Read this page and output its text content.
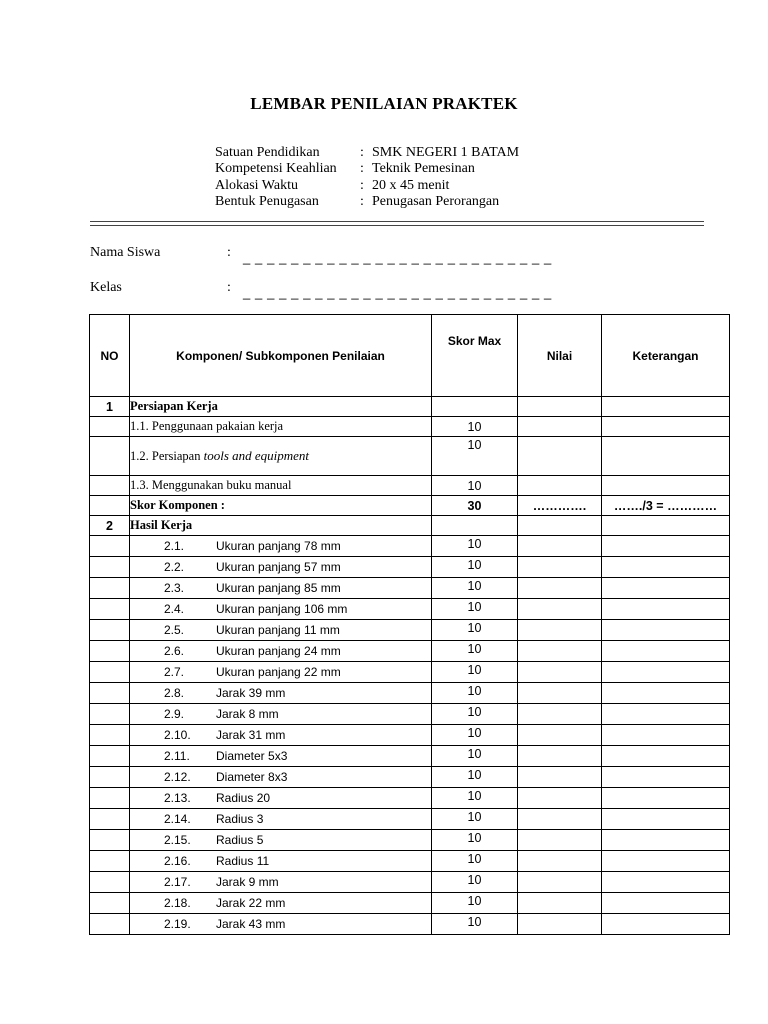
LEMBAR PENILAIAN PRAKTEK
Satuan Pendidikan	: SMK NEGERI 1 BATAM
Kompetensi Keahlian	: Teknik Pemesinan
Alokasi Waktu	: 20 x 45 menit
Bentuk Penugasan	: Penugasan Perorangan
Nama Siswa	: _ _ _ _ _ _ _ _ _ _ _ _ _ _ _ _ _ _ _ _ _ _ _ _ _ _
Kelas	: _ _ _ _ _ _ _ _ _ _ _ _ _ _ _ _ _ _ _ _ _ _ _ _ _ _
NO	Komponen/ Subkomponen Penilaian	Skor Max	Nilai	Keterangan
1	Persiapan Kerja			
	1.1. Penggunaan pakaian kerja	10		
	1.2. Persiapan tools and equipment	10		
	1.3. Menggunakan buku manual	10		
	Skor Komponen :	30	………….	……./3 = …………
2	Hasil Kerja			

	2.1. Ukuran panjang 78 mm	10		

	2.2. Ukuran panjang 57 mm	10		

	2.3. Ukuran panjang 85 mm	10		

	2.4. Ukuran panjang 106 mm	10		

	2.5. Ukuran panjang 11 mm	10		

	2.6. Ukuran panjang 24 mm	10		

	2.7. Ukuran panjang 22 mm	10		

	2.8. Jarak 39 mm	10		

	2.9. Jarak 8 mm	10		

	2.10. Jarak 31 mm	10		

	2.11. Diameter 5x3	10		

	2.12. Diameter 8x3	10		

	2.13. Radius 20	10		

	2.14. Radius 3	10		

	2.15. Radius 5	10		

	2.16. Radius 11	10		

	2.17. Jarak 9 mm	10		

	2.18. Jarak 22 mm	10		

	2.19. Jarak 43 mm	10		
